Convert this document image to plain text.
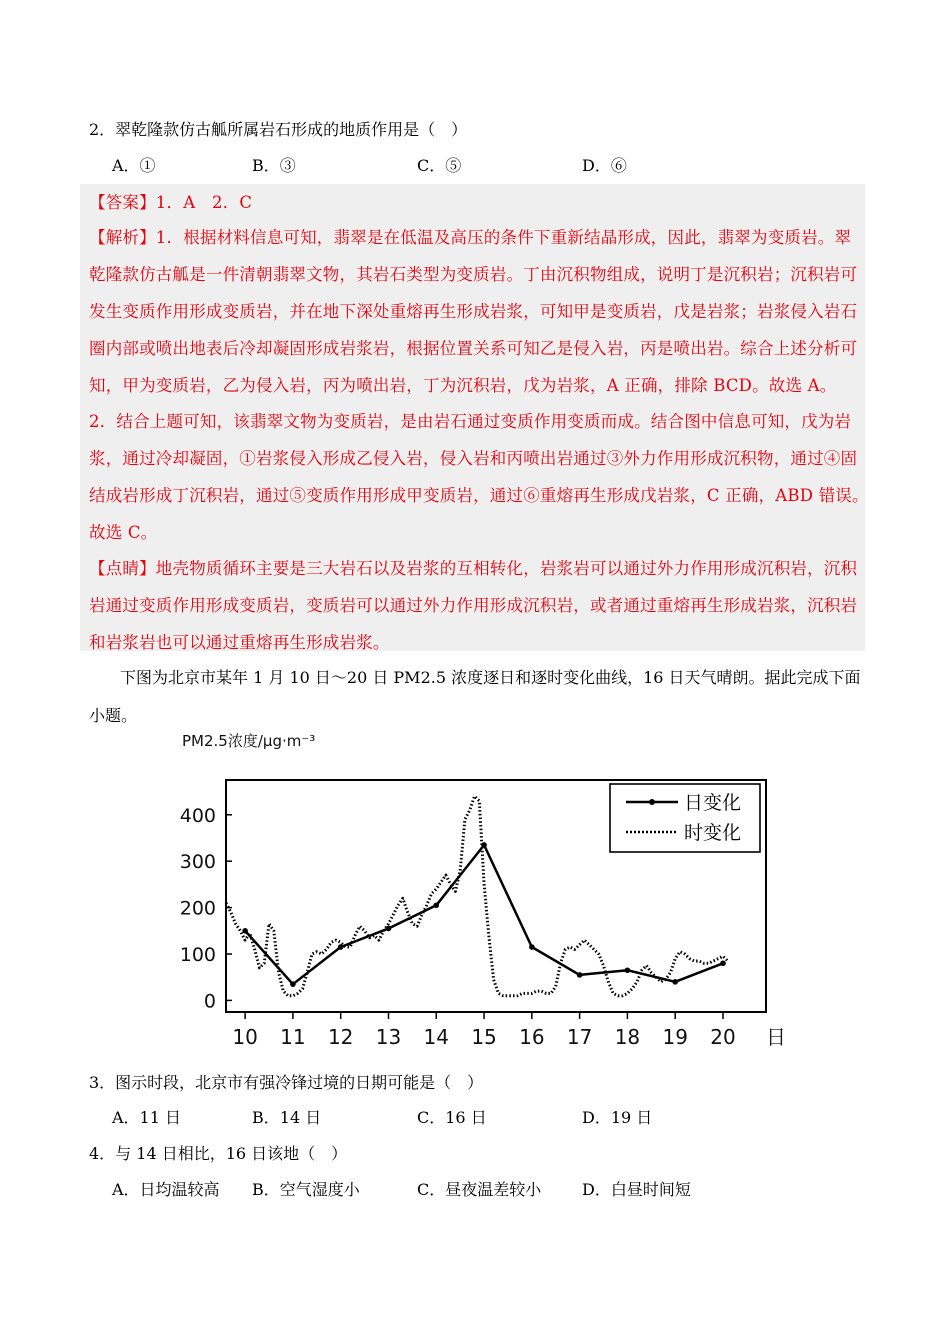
2．翠乾隆款仿古觚所属岩石形成的地质作用是（　）
A．①	B．③	C．⑤	D．⑥
【答案】1．A　2．C
【解析】1．根据材料信息可知，翡翠是在低温及高压的条件下重新结晶形成，因此，翡翠为变质岩。翠
乾隆款仿古觚是一件清朝翡翠文物，其岩石类型为变质岩。丁由沉积物组成，说明丁是沉积岩；沉积岩可
发生变质作用形成变质岩，并在地下深处重熔再生形成岩浆，可知甲是变质岩，戊是岩浆；岩浆侵入岩石
圈内部或喷出地表后冷却凝固形成岩浆岩，根据位置关系可知乙是侵入岩，丙是喷出岩。综合上述分析可
知，甲为变质岩，乙为侵入岩，丙为喷出岩，丁为沉积岩，戊为岩浆，A 正确，排除 BCD。故选 A。
2．结合上题可知，该翡翠文物为变质岩，是由岩石通过变质作用变质而成。结合图中信息可知，戊为岩
浆，通过冷却凝固，①岩浆侵入形成乙侵入岩，侵入岩和丙喷出岩通过③外力作用形成沉积物，通过④固
结成岩形成丁沉积岩，通过⑤变质作用形成甲变质岩，通过⑥重熔再生形成戊岩浆，C 正确，ABD 错误。
故选 C。
【点睛】地壳物质循环主要是三大岩石以及岩浆的互相转化，岩浆岩可以通过外力作用形成沉积岩，沉积
岩通过变质作用形成变质岩，变质岩可以通过外力作用形成沉积岩，或者通过重熔再生形成岩浆，沉积岩
和岩浆岩也可以通过重熔再生形成岩浆。
下图为北京市某年 1 月 10 日～20 日 PM2.5 浓度逐日和逐时变化曲线，16 日天气晴朗。据此完成下面
小题。
PM2.5浓度/μg·m⁻³
0
100
200
300
400
10 11 12 13 14 15 16 17 18 19 20 日
日变化
时变化
3．图示时段，北京市有强冷锋过境的日期可能是（　）
A．11 日	B．14 日	C．16 日	D．19 日
4．与 14 日相比，16 日该地（　）
A．日均温较高 B．空气湿度小	C．昼夜温差较小	D．白昼时间短
